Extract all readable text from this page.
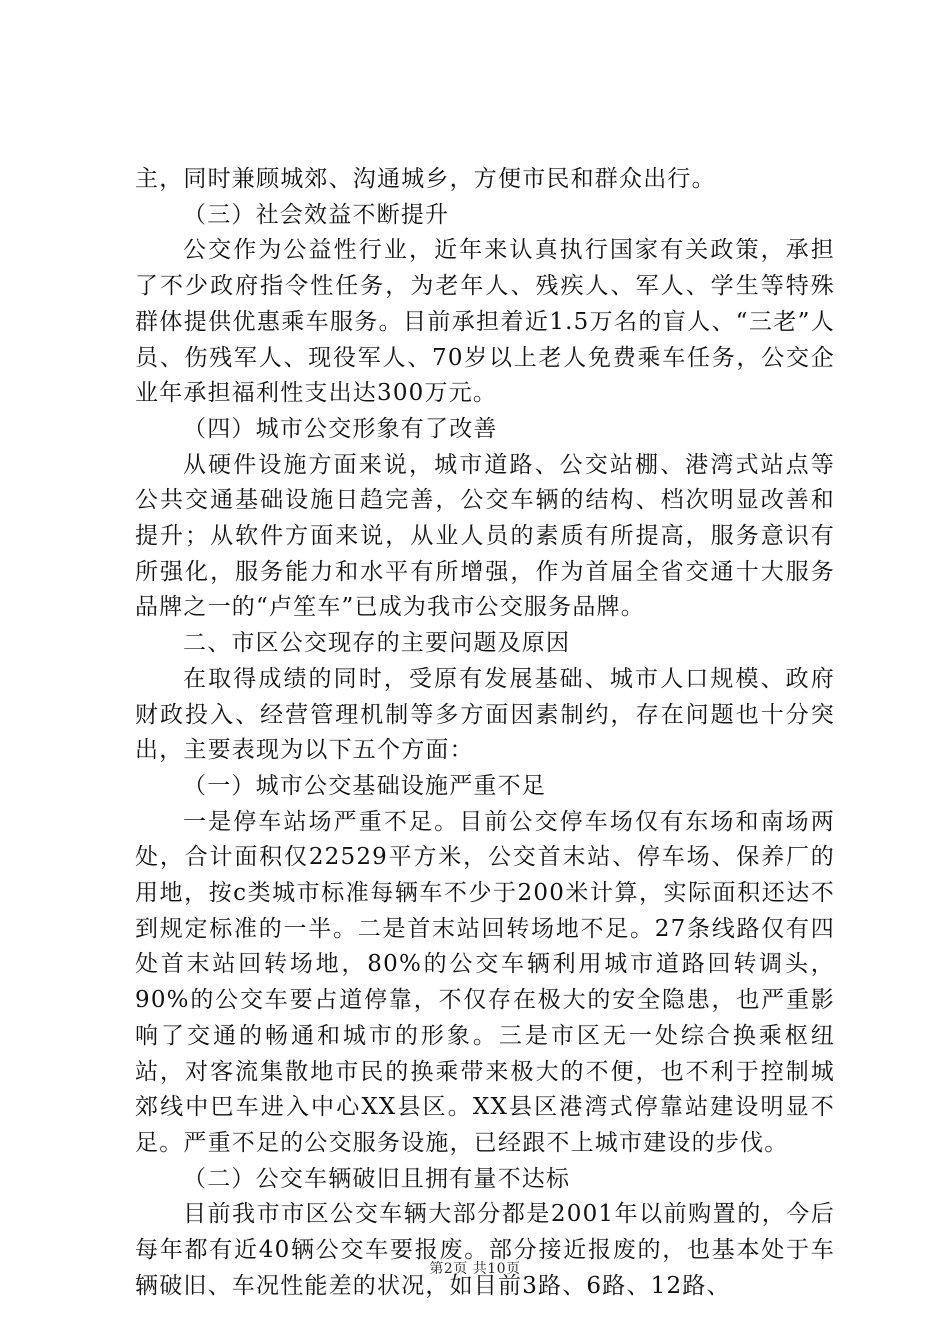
主，同时兼顾城郊、沟通城乡，方便市民和群众出行。

（三）社会效益不断提升

公交作为公益性行业，近年来认真执行国家有关政策，承担了不少政府指令性任务，为老年人、残疾人、军人、学生等特殊群体提供优惠乘车服务。目前承担着近1.5万名的盲人、“三老”人员、伤残军人、现役军人、70岁以上老人免费乘车任务，公交企业年承担福利性支出达300万元。

（四）城市公交形象有了改善

从硬件设施方面来说，城市道路、公交站棚、港湾式站点等公共交通基础设施日趋完善，公交车辆的结构、档次明显改善和提升；从软件方面来说，从业人员的素质有所提高，服务意识有所强化，服务能力和水平有所增强，作为首届全省交通十大服务品牌之一的“卢笙车”已成为我市公交服务品牌。

二、市区公交现存的主要问题及原因

在取得成绩的同时，受原有发展基础、城市人口规模、政府财政投入、经营管理机制等多方面因素制约，存在问题也十分突出，主要表现为以下五个方面：

（一）城市公交基础设施严重不足

一是停车站场严重不足。目前公交停车场仅有东场和南场两处，合计面积仅22529平方米，公交首末站、停车场、保养厂的用地，按c类城市标准每辆车不少于200米计算，实际面积还达不到规定标准的一半。二是首末站回转场地不足。27条线路仅有四处首末站回转场地，80%的公交车辆利用城市道路回转调头，90%的公交车要占道停靠，不仅存在极大的安全隐患，也严重影响了交通的畅通和城市的形象。三是市区无一处综合换乘枢纽站，对客流集散地市民的换乘带来极大的不便，也不利于控制城郊线中巴车进入中心XX县区。XX县区港湾式停靠站建设明显不足。严重不足的公交服务设施，已经跟不上城市建设的步伐。

（二）公交车辆破旧且拥有量不达标

目前我市市区公交车辆大部分都是2001年以前购置的，今后每年都有近40辆公交车要报废。部分接近报废的，也基本处于车辆破旧、车况性能差的状况，如目前3路、6路、12路、

第2页 共10页
